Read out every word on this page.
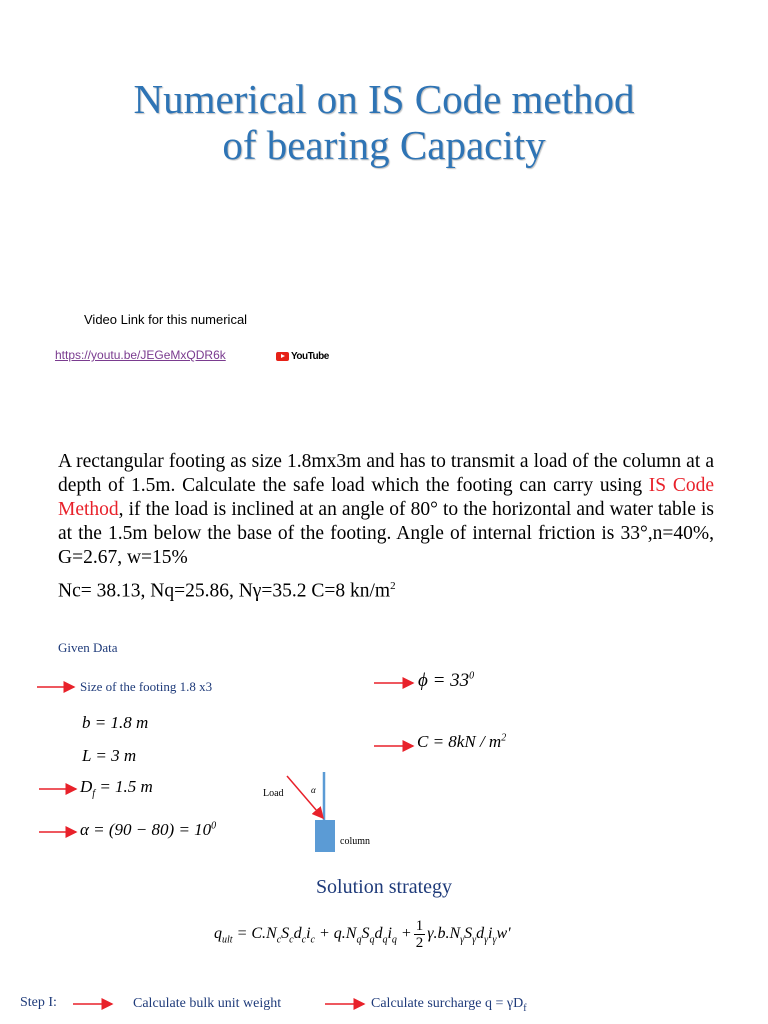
Numerical on IS Code method
of bearing Capacity
Video Link for this numerical
https://youtu.be/JEGeMxQDR6k	YouTube
A rectangular footing as size 1.8mx3m and has to transmit a load of the column at a depth of 1.5m. Calculate the safe load which the footing can carry using IS Code Method, if the load is inclined at an angle of 80° to the horizontal and water table is at the 1.5m below the base of the footing. Angle of internal friction is 33°,n=40%, G=2.67, w=15%
Nc= 38.13, Nq=25.86, Nγ=35.2 C=8 $kn/m^2$
Given Data
Size of the footing 1.8 x3
b = 1.8 m
L = 3 m
$D_f = 1.5$ m
$\alpha = (90 - 80) = 10^0$
$\phi = 33^0$
$C = 8kN / m^2$
Load	α
column
Solution strategy
$q_{ult} = C.N_cS_cd_ci_c + q.N_qS_qd_qi_q + \frac{1}{2} \gamma.b.N_\gamma S_\gamma d_\gamma i_\gamma w'$
Step I:	Calculate bulk unit weight	Calculate surcharge $q = \gamma D_f$
